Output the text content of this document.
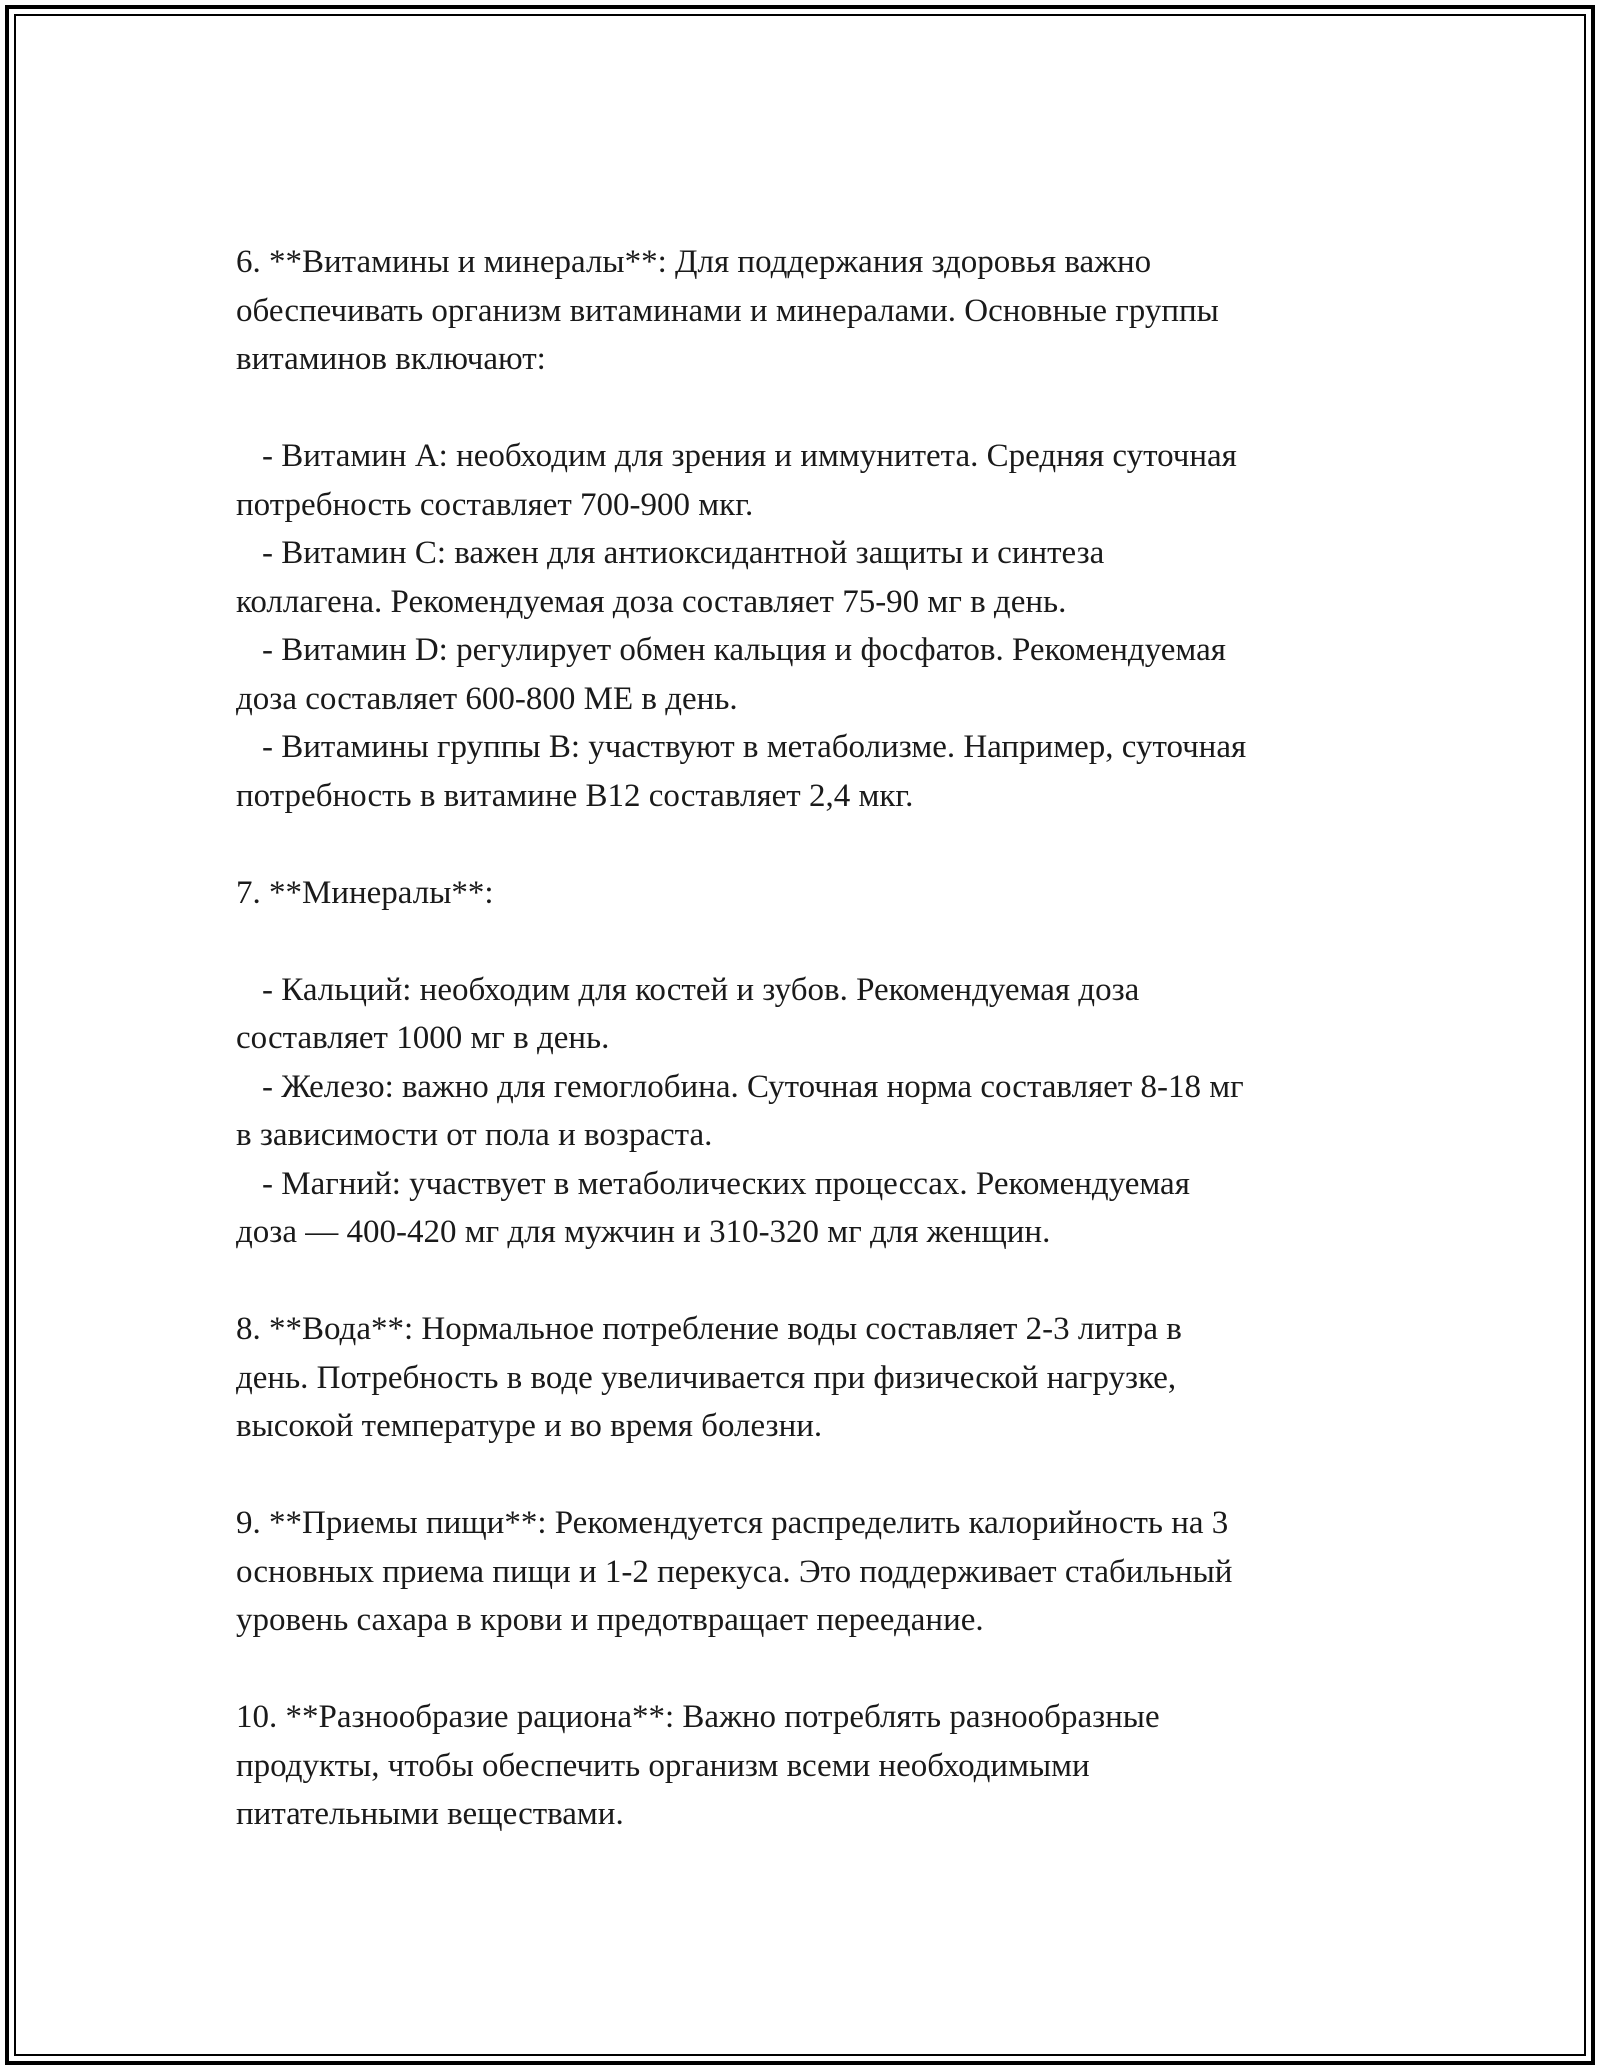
6. **Витамины и минералы**: Для поддержания здоровья важно

обеспечивать организм витаминами и минералами. Основные группы

витаминов включают:

- Витамин A: необходим для зрения и иммунитета. Средняя суточная

потребность составляет 700-900 мкг.

- Витамин C: важен для антиоксидантной защиты и синтеза

коллагена. Рекомендуемая доза составляет 75-90 мг в день.

- Витамин D: регулирует обмен кальция и фосфатов. Рекомендуемая

доза составляет 600-800 МЕ в день.

- Витамины группы B: участвуют в метаболизме. Например, суточная

потребность в витамине B12 составляет 2,4 мкг.

7. **Минералы**:

- Кальций: необходим для костей и зубов. Рекомендуемая доза

составляет 1000 мг в день.

- Железо: важно для гемоглобина. Суточная норма составляет 8-18 мг

в зависимости от пола и возраста.

- Магний: участвует в метаболических процессах. Рекомендуемая

доза — 400-420 мг для мужчин и 310-320 мг для женщин.

8. **Вода**: Нормальное потребление воды составляет 2-3 литра в

день. Потребность в воде увеличивается при физической нагрузке,

высокой температуре и во время болезни.

9. **Приемы пищи**: Рекомендуется распределить калорийность на 3

основных приема пищи и 1-2 перекуса. Это поддерживает стабильный

уровень сахара в крови и предотвращает переедание.

10. **Разнообразие рациона**: Важно потреблять разнообразные

продукты, чтобы обеспечить организм всеми необходимыми

питательными веществами.
